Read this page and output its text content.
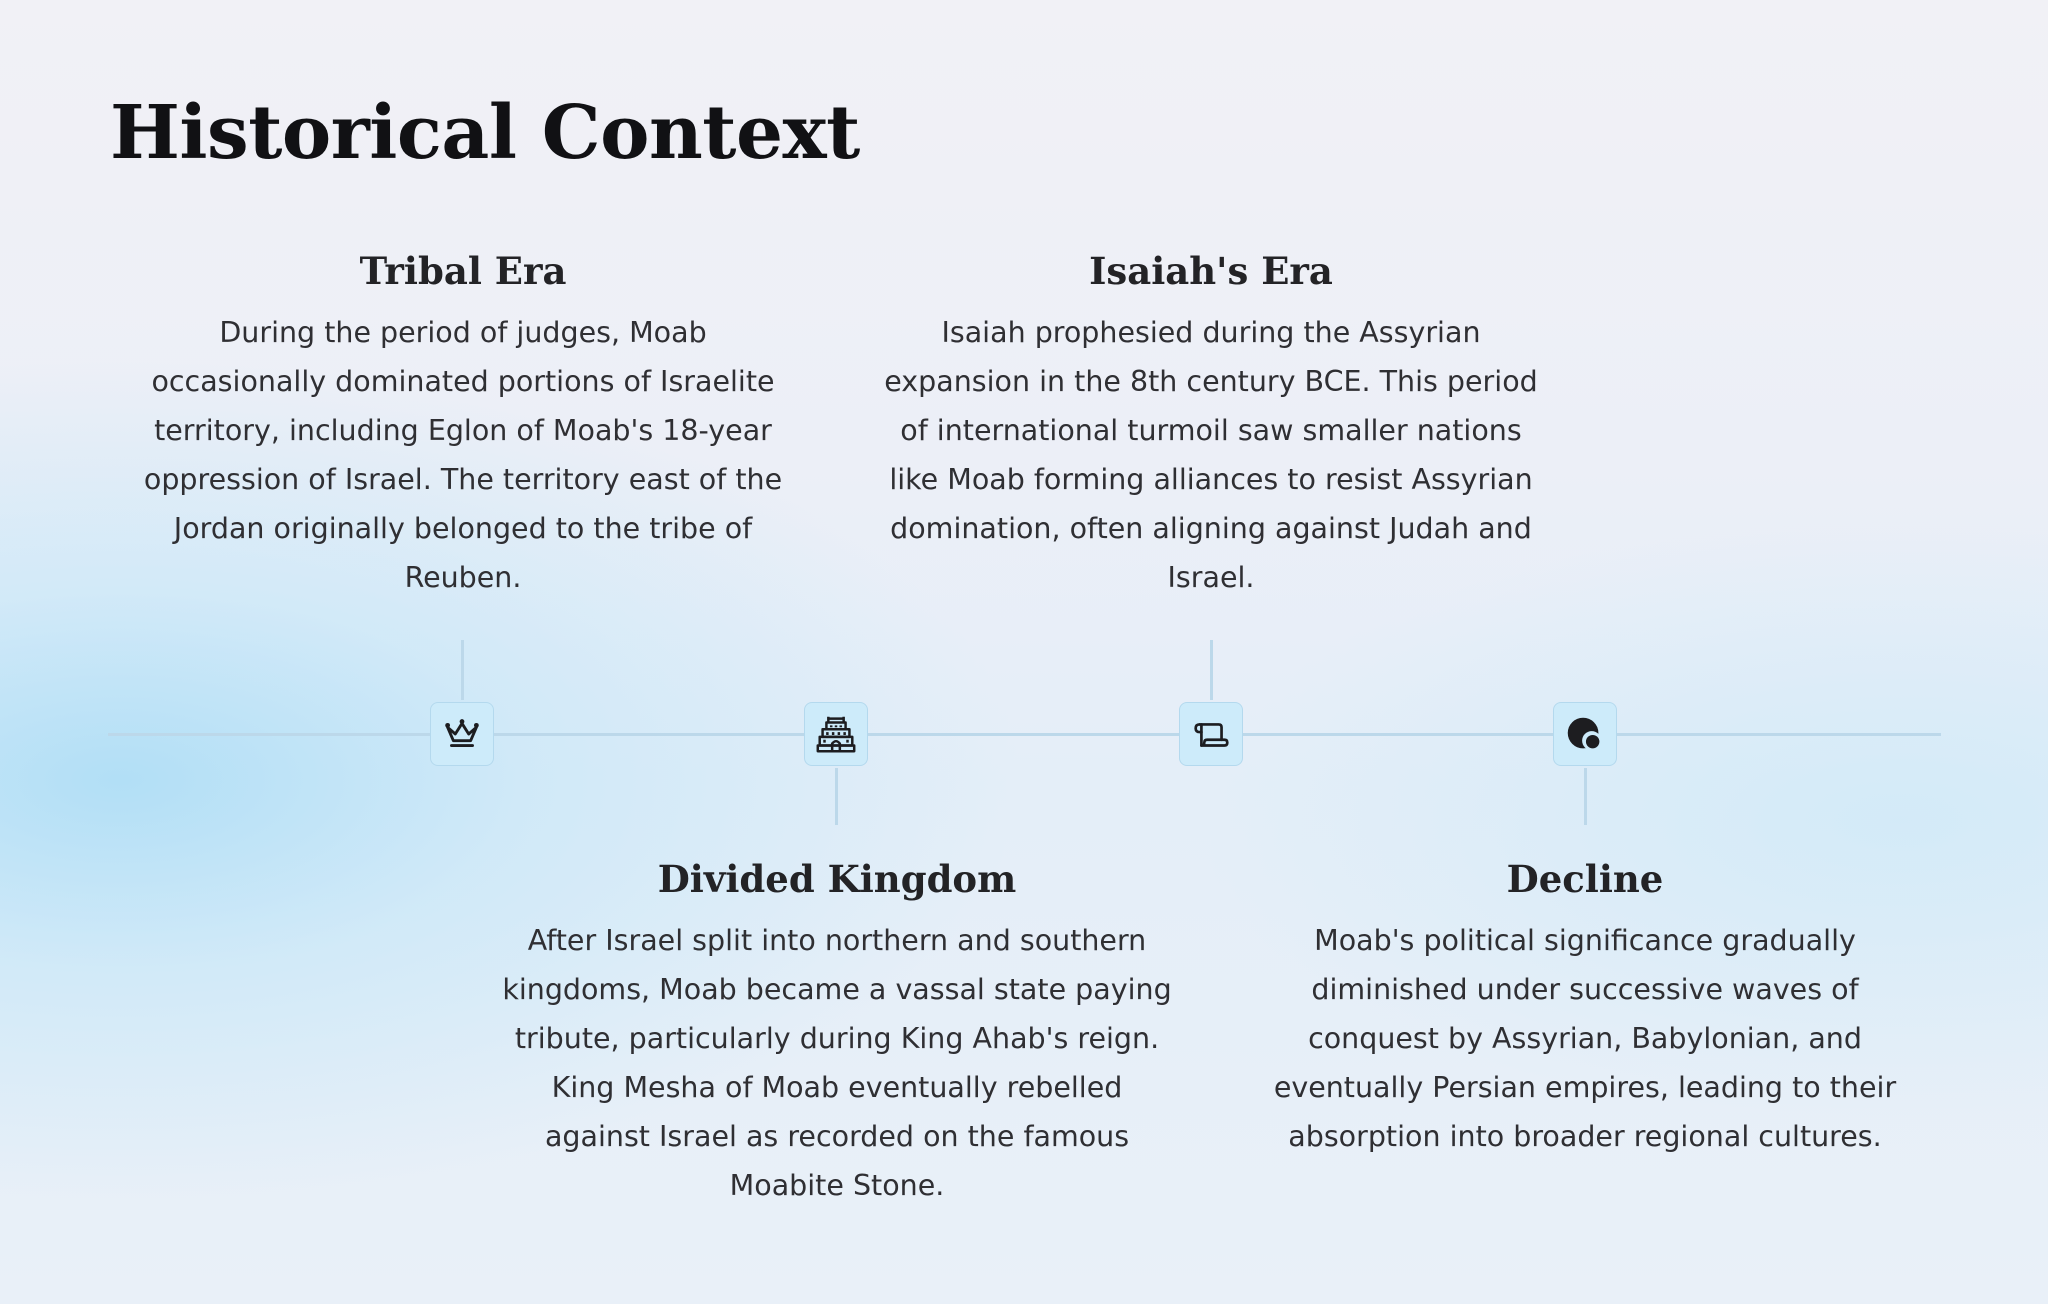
Historical Context
Tribal Era

During the period of judges, Moab occasionally dominated portions of Israelite territory, including Eglon of Moab's 18-year oppression of Israel. The territory east of the Jordan originally belonged to the tribe of Reuben.

Divided Kingdom

After Israel split into northern and southern kingdoms, Moab became a vassal state paying tribute, particularly during King Ahab's reign. King Mesha of Moab eventually rebelled against Israel as recorded on the famous Moabite Stone.

Isaiah's Era

Isaiah prophesied during the Assyrian expansion in the 8th century BCE. This period of international turmoil saw smaller nations like Moab forming alliances to resist Assyrian domination, often aligning against Judah and Israel.

Decline

Moab's political significance gradually diminished under successive waves of conquest by Assyrian, Babylonian, and eventually Persian empires, leading to their absorption into broader regional cultures.
